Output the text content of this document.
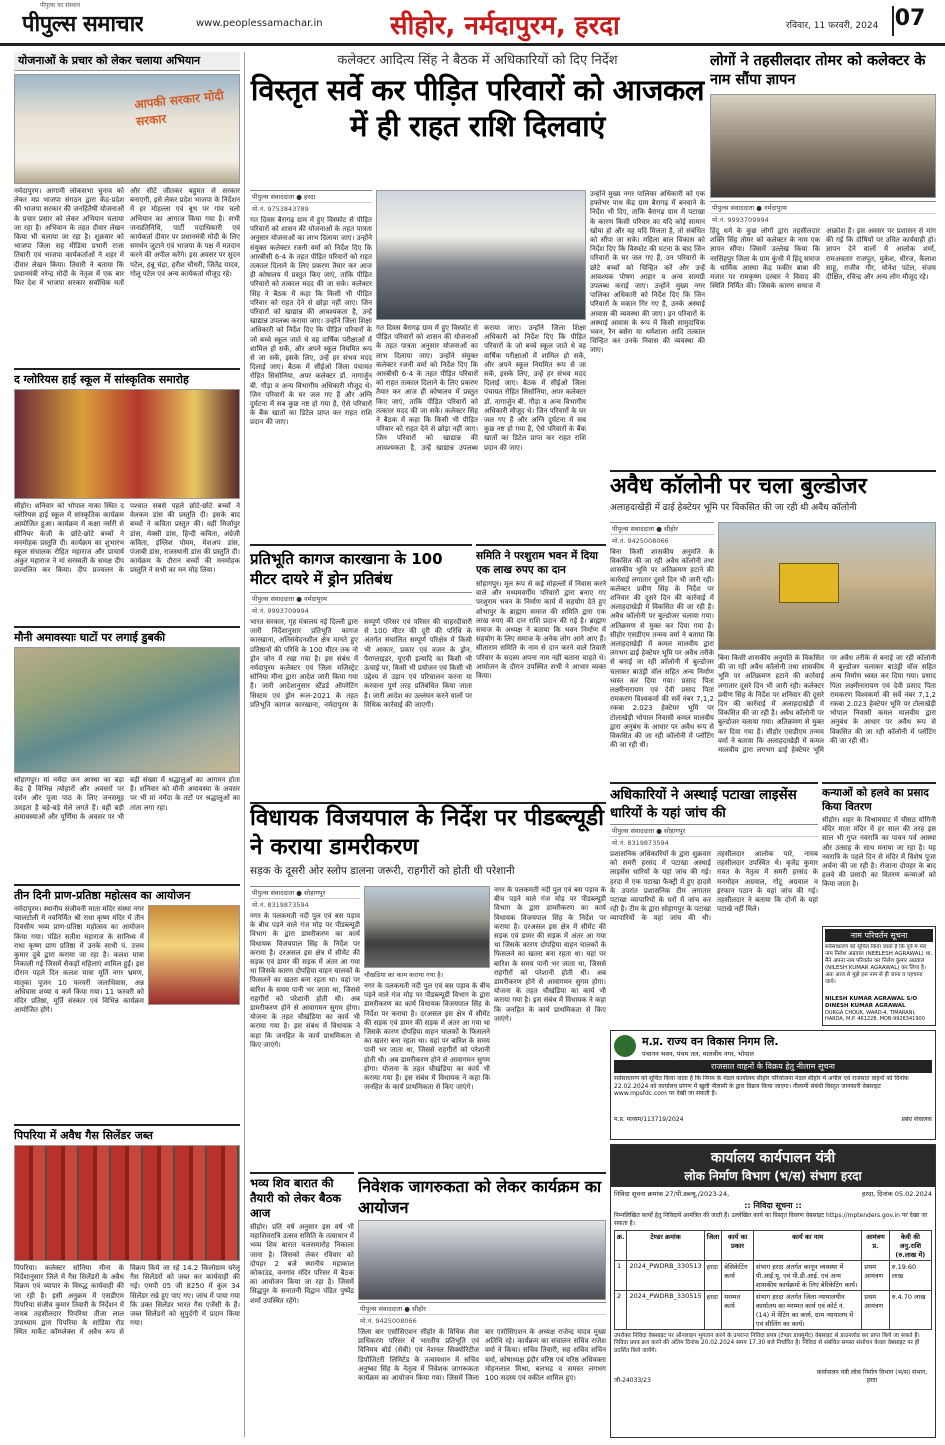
पीपुल्स का संस्थान
पीपुल्स समाचार	www.peoplessamachar.in	सीहोर, नर्मदापुरम, हरदा	रविवार, 11 फरवरी, 2024 07
योजनाओं के प्रचार को लेकर चलाया अभियान
आपकी सरकार मोदी सरकार
नर्मदापुरम। आगामी लोकसभा चुनाव को लेकर मप्र भाजपा संगठन द्वारा केंद्र-प्रदेश की भाजपा सरकार की जनहितैषी योजनाओं के प्रचार प्रसार को लेकर अभियान चलाया जा रहा है। अभियान के तहत दीवार लेखन किया भी चलाया जा रहा है। शुक्रवार को भाजपा जिला सह मीडिया प्रभारी राजा तिवारी एवं भाजपा कार्यकर्ताओं ने शहर में दीवार लेखन किया। तिवारी ने बताया कि प्रधानमंत्री नरेन्द्र मोदी के नेतृत्व में एक बार फिर देश में भाजपा सरकार सर्वाधिक मतों और सीटें जीतकर बहुमत से सरकार बनाएगी, इसे लेकर प्रदेश भाजपा के निर्देशन में हर मोहल्ला एवं बूथ पर गांव चलो अभियान का आगाज किया गया है। सभी जनप्रतिनिधि, पार्टी पदाधिकारी एवं कार्यकर्ता दीवार पर प्रधानमंत्री मोदी के लिए समर्थन जुटाने एवं भाजपा के पक्ष में मतदान करने की अपील करेंगे। इस अवसर पर सुदन पटेल, हन्नू चंद्रा, हरीश चौधरी, जितेंद्र यादव, गोलू पटेल एवं अन्य कार्यकर्ता मौजूद रहे।
द ग्लोरियस हाई स्कूल में सांस्कृतिक समारोह
सीहोर। शनिवार को भोपाल नाका स्थित द ग्लोरियस हाई स्कूल में सांस्कृतिक कार्यक्रम आयोजित हुआ। कार्यक्रम में कक्षा नर्सरी से सीनियर केजी के छोटे-छोटे बच्चों ने मनमोहक प्रस्तुति दी। कार्यक्रम का शुभारंभ स्कूल संचालक रोहित महाराज और प्राचार्य अंकुर महाराज ने मां सरस्वती के समक्ष दीप प्रज्वलित कर किया। दीप प्रज्वलन के पश्चात सबसे पहले छोटे-छोटे बच्चों ने वेलकम डांस की प्रस्तुति दी। इसके बाद बच्चों ने कविता प्रस्तुत की। वहीं मिर्जापुर डांस, मेक्सी डांस, हिन्दी कविता, अंग्रेजी कविता, इंग्लिश पोयम, मेशअप डांस, पंजाबी डांस, राजस्थानी डांस की प्रस्तुति दी। कार्यक्रम के दौरान बच्चों की मनमोहक प्रस्तुति ने सभी का मन मोह लिया।
मौनी अमावस्याः घाटों पर लगाई डुबकी
सोहागपुर। मां नर्मदा जन आस्था का बड़ा केंद्र है विभिन्न त्योहारों और अवसरों पर दर्शन और पूजा पाठ के लिए जनसमूह उमड़ता है बड़े-बड़े मेले लगते हैं। वहीं बड़ी अमावस्याओं और पूर्णिमा के अवसर पर भी बड़ी संख्या में श्रद्धालुओं का आगमन होता है। शनिवार को मौनी अमावस्या के अवसर पर भी मां नर्मदा के तटों पर श्रद्धालुओं का तांता लगा रहा।
तीन दिनी प्राण-प्रतिष्ठा महोत्सव का आयोजन
नर्मदापुरम। स्थानीय संजीवनी माता मंदिर संस्था नगर ग्वालटोली में नवनिर्मित श्री राधा कृष्ण मंदिर में तीन दिवसीय भव्य प्राण-प्रतिष्ठा महोत्सव का आयोजन किया गया। पंडित सतीश महाराज के सानिध्य में राधा कृष्ण प्राण प्रतिष्ठा में उनके साथी पं. उत्तम कुमार दुबे द्वारा कराया जा रहा है। कलश यात्रा निकाली गई जिसमें सैकड़ों महिलाएं शामिल हुईं। इस दौरान पहले दिन कलश यात्रा मूर्ति नगर भ्रमण, मातृका पूजन 10 फरवरी जलाधिवास, अन्न अधिवास शय्या व कर्म किया गया। 11 फरवरी को मंदिर प्रतिष्ठा, मूर्ति संस्कार एवं विभिन्न कार्यक्रम आयोजित होंगे।
पिपरिया में अवैध गैस सिलेंडर जब्त
पिपरिया। कलेक्टर सोनिया मीना के निर्देशानुसार जिले में गैस सिलेंडरों के अवैध विक्रय एवं व्यापार के विरुद्ध कार्यवाही की जा रही है। इसी अनुक्रम में एसडीएम पिपरिया संजीव कुमार तिवारी के निर्देशन में नायब तहसीलदार पिपरिया तीजा लाल उपाध्याय द्वारा पिपरिया के सांडिया रोड स्थित मार्केट कॉम्प्लेक्स में अवैध रूप से विक्रय किये जा रहे 14.2 किलोग्राम घरेलू गैस सिलेंडरों को जब्त कर कार्यवाही की गई। एमपी 05 जी 8250 में कुल 34 सिलेंडर रखे हुए पाए गए। जांच में पाया गया कि उक्त सिलेंडर भारत गैस एजेंसी के हैं। जब्त सिलेंडरों को सुपुर्दगी में प्रदान किया गया।
कलेक्टर आदित्य सिंह ने बैठक में अधिकारियों को दिए निर्देश
विस्तृत सर्वे कर पीड़ित परिवारों को आजकल में ही राहत राशि दिलवाएं
पीपुल्स संवाददाता ● हरदा
मो.नं. 9753843789
गत दिवस बैरागढ़ ग्राम में हुए विस्फोट से पीड़ित परिवारों को शासन की योजनाओं के तहत पात्रता अनुसार योजनाओं का लाभ दिलाया जाए। उन्होंने संयुक्त कलेक्टर रजनी वर्मा को निर्देश दिए कि आरबीसी 6-4 के तहत पीड़ित परिवारों को राहत तत्काल दिलाने के लिए प्रकरण तैयार कर आज ही कोषालय में प्रस्तुत किए जाएं, ताकि पीड़ित परिवारों को तत्काल मदद की जा सके। कलेक्टर सिंह ने बैठक में कहा कि किसी भी पीड़ित परिवार को राहत देने से छोड़ा नहीं जाए। जिन परिवारों को खाद्यान्न की आवश्यकता है, उन्हें खाद्यान्न उपलब्ध कराया जाए। उन्होंने जिला शिक्षा अधिकारी को निर्देश दिए कि पीड़ित परिवारों के जो बच्चे स्कूल जाते थे वह वार्षिक परीक्षाओं में शामिल हो सकें, और अपने स्कूल नियमित रूप से जा सकें, इसके लिए, उन्हें हर संभव मदद दिलाई जाए। बैठक में सीईओ जिला पंचायत रोहित सिसोनिया, अपर कलेक्टर डॉ. नागार्जुन बी. गौड़ा व अन्य विभागीय अधिकारी मौजूद थे। जिन परिवारों के घर जल गए हैं और अग्नि दुर्घटना में सब कुछ नष्ट हो गया है, ऐसे परिवारों के बैंक खातों का डिटेल प्राप्त कर राहत राशि प्रदान की जाए।
गत दिवस बैरागढ़ ग्राम में हुए विस्फोट से पीड़ित परिवारों को शासन की योजनाओं के तहत पात्रता अनुसार योजनाओं का लाभ दिलाया जाए। उन्होंने संयुक्त कलेक्टर रजनी वर्मा को निर्देश दिए कि आरबीसी 6-4 के तहत पीड़ित परिवारों को राहत तत्काल दिलाने के लिए प्रकरण तैयार कर आज ही कोषालय में प्रस्तुत किए जाएं, ताकि पीड़ित परिवारों को तत्काल मदद की जा सके। कलेक्टर सिंह ने बैठक में कहा कि किसी भी पीड़ित परिवार को राहत देने से छोड़ा नहीं जाए। जिन परिवारों को खाद्यान्न की आवश्यकता है, उन्हें खाद्यान्न उपलब्ध कराया जाए। उन्होंने जिला शिक्षा अधिकारी को निर्देश दिए कि पीड़ित परिवारों के जो बच्चे स्कूल जाते थे वह वार्षिक परीक्षाओं में शामिल हो सकें, और अपने स्कूल नियमित रूप से जा सकें, इसके लिए, उन्हें हर संभव मदद दिलाई जाए। बैठक में सीईओ जिला पंचायत रोहित सिसोनिया, अपर कलेक्टर डॉ. नागार्जुन बी. गौड़ा व अन्य विभागीय अधिकारी मौजूद थे। जिन परिवारों के घर जल गए हैं और अग्नि दुर्घटना में सब कुछ नष्ट हो गया है, ऐसे परिवारों के बैंक खातों का डिटेल प्राप्त कर राहत राशि प्रदान की जाए।
उन्होंने मुख्य नगर पालिका अधिकारी को एक हफ्तेभर पाथ केंद्र ग्राम बैरागढ़ में बनवाने के निर्देश भी दिए, ताकि बैरागढ़ ग्राम में पटाखा के कारण किसी परिवार का यदि कोई सामान खोया हो और वह यदि मिलता है, तो संबंधित को सौंपा जा सके। महिला बाल विकास को निर्देश दिए कि विस्फोट की घटना के बाद जिन परिवारों के घर जल गए हैं, उन परिवारों के छोटे बच्चों को चिन्हित करें और उन्हें आवश्यक पोषण आहार व अन्य सामग्री उपलब्ध कराई जाए। उन्होंने मुख्य नगर पालिका अधिकारी को निर्देश दिए कि जिन परिवारों के मकान गिर गए हैं, उनके अस्थाई आवास की व्यवस्था की जाए। इन परिवारों के अस्थाई आवास के रूप में किसी सामुदायिक भवन, रैन बसेरा या धर्मशाला आदि तत्काल चिन्हित कर उनके निवास की व्यवस्था की जाए।
प्रतिभूति कागज कारखाना के 100 मीटर दायरे में ड्रोन प्रतिबंध
पीपुल्स संवाददाता ● नर्मदापुरम
मो.नं. 9993709994
भारत सरकार, गृह मंत्रालय नई दिल्ली द्वारा जारी निर्देशानुसार प्रतिभूति कागज कारखाना, अतिसंवेदनशील क्षेत्र मानते हुए प्रतिष्ठानों की परिधि के 100 मीटर तक नो ड्रोन जोन में रखा गया है। इस संबंध में नर्मदापुरम कलेक्टर एवं जिला मजिस्ट्रेट सोनिया मीना द्वारा आदेश जारी किया गया है। जारी आदेशानुसार स्टैंडर्ड ऑपरेटिंग सिस्टम एवं ड्रोन रूल-2021 के तहत प्रतिभूति कागज कारखाना, नर्मदापुरम के सम्पूर्ण परिसर एवं परिसर की चाहरदीवारी से 100 मीटर की दूरी की परिधि के अंतर्गत संचालित सम्पूर्ण परिक्षेत्र में किसी भी आकार, प्रकार एवं वजन के ड्रोन, पैराग्लाइडर, यूएवी इत्यादि का किसी भी ऊंचाई पर, किसी भी प्रयोजन एवं किसी भी उद्देश्य से उड़ान एवं परिचालन करना या करवाना पूर्ण तरह प्रतिबंधित किया जाता है। जारी आदेश का उल्लंघन करने वालों पर विधिक कार्रवाई की जाएगी।
समिति ने परशुराम भवन में दिया एक लाख रुपए का दान
सोहागपुर। मूल रूप से कई मोहल्लों में निवास करने वाले और मध्यमवर्गीय परिवारों द्वारा बनाए गए परशुराम भवन के निर्माण कार्य में सहयोग देते हुए शोभापुर के ब्राह्मण समाज की समिति द्वारा एक लाख रुपए की दान राशि प्रदान की गई है। ब्राह्मण समाज के अध्यक्ष ने बताया कि भवन निर्माण में सहयोग के लिए समाज के अनेक लोग आगे आए हैं। सीताराम समिति के नाम से दान करने वाले तिवारी परिवार के सदस्य अपना नाम नहीं बताना चाहते थे। आयोजन के दौरान उपस्थित सभी ने आभार व्यक्त किया।
अवैध कॉलोनी पर चला बुल्डोजर
अलाहदाखेड़ी में ढाई हेक्टेयर भूमि पर विकसित की जा रही थी अवैध कॉलोनी
पीपुल्स संवाददाता ● सीहोर
मो.नं. 9425008066
बिना किसी शासकीय अनुमति के विकसित की जा रही अवैध कॉलोनी तथा शासकीय भूमि पर अतिक्रमण हटाने की कार्रवाई लगातार दूसरे दिन भी जारी रही। कलेक्टर प्रवीण सिंह के निर्देश पर शनिवार की दूसरे दिन की कार्रवाई में अलाहदाखेड़ी में विकसित की जा रही है। अवैध कॉलोनी पर बुल्डोजर चलाया गया। अतिक्रमण से मुक्त कर दिया गया है। सीहोर एसडीएम तन्मय वर्मा ने बताया कि अलाहदाखेड़ी में कमल मालवीय द्वारा लगभग ढाई हेक्टेयर भूमि पर अवैध तरीके से बनाई जा रही कॉलोनी में बुल्डोजर चलाकर बाउंड्री वॉल सहित अन्य निर्माण ध्वस्त कर दिया गया। प्रसाद पिता लक्ष्मीनारायण एवं देवी प्रसाद पिता रामकरण विश्वकर्मा की सर्वे नंबर 7,1,2 रकबा 2.023 हेक्टेयर भूमि पर टोलाखेड़ी भोपाल निवासी कमल मालवीय द्वारा अनुबंध के आधार पर अवैध रूप से विकसित की जा रही कॉलोनी में प्लॉटिंग की जा रही थी।
बिना किसी शासकीय अनुमति के विकसित की जा रही अवैध कॉलोनी तथा शासकीय भूमि पर अतिक्रमण हटाने की कार्रवाई लगातार दूसरे दिन भी जारी रही। कलेक्टर प्रवीण सिंह के निर्देश पर शनिवार की दूसरे दिन की कार्रवाई में अलाहदाखेड़ी में विकसित की जा रही है। अवैध कॉलोनी पर बुल्डोजर चलाया गया। अतिक्रमण से मुक्त कर दिया गया है। सीहोर एसडीएम तन्मय वर्मा ने बताया कि अलाहदाखेड़ी में कमल मालवीय द्वारा लगभग ढाई हेक्टेयर भूमि पर अवैध तरीके से बनाई जा रही कॉलोनी में बुल्डोजर चलाकर बाउंड्री वॉल सहित अन्य निर्माण ध्वस्त कर दिया गया। प्रसाद पिता लक्ष्मीनारायण एवं देवी प्रसाद पिता रामकरण विश्वकर्मा की सर्वे नंबर 7,1,2 रकबा 2.023 हेक्टेयर भूमि पर टोलाखेड़ी भोपाल निवासी कमल मालवीय द्वारा अनुबंध के आधार पर अवैध रूप से विकसित की जा रही कॉलोनी में प्लॉटिंग की जा रही थी।
लोगों ने तहसीलदार तोमर को कलेक्टर के नाम सौंपा ज्ञापन
पीपुल्स संवाददाता ● नर्मदापुरम
मो.नं. 9993709994
हिंदू धर्म के कुछ लोगों द्वारा तहसीलदार शक्ति सिंह तोमर को कलेक्टर के नाम एक ज्ञापन सौंपा। जिसमें उल्लेख किया कि नरसिंहपुर जिला के ग्राम कुंभी में हिंदू समाज के धार्मिक आस्था केंद्र फकीर बाबा की मजार पर रामकृष्ण दरबार ने विवाद की स्थिति निर्मित की। जिसके कारण समाज में आक्रोश है। इस अवसर पर प्रशासन से मांग की गई कि दोषियों पर उचित कार्यवाही हो। ज्ञापन देने वालों में आलोक शर्मा, रामअवतार राजपूत, मुकेश, धीरज, कैलाश साहू, राजीव गौर, मोनेश पटेल, संजय दीक्षित, रविन्द्र और अन्य लोग मौजूद रहे।
विधायक विजयपाल के निर्देश पर पीडब्ल्यूडी ने कराया डामरीकरण
सड़क के दूसरी ओर स्लोप डालना जरूरी, राहगीरों को होती थी परेशानी
पीपुल्स संवाददाता ● सोहागपुर
मो.नं. 8319873594
नगर के पलकमती नदी पुल एवं बस पड़ाव के बीच पड़ने वाले गंज मोड़ पर पीडब्ल्यूडी विभाग के द्वारा डामरीकरण का कार्य विधायक विजयपाल सिंह के निर्देश पर कराया है। दरअसल इस क्षेत्र में सीमेंट की सड़क एवं डामर की सड़क में अंतर आ गया था जिसके कारण दोपहिया वाहन चालकों के फिसलने का खतरा बना रहता था। यहां पर बारिश के समय पानी भर जाता था, जिससे राहगीरों को परेशानी होती थी। अब डामरीकरण होने से आवागमन सुगम होगा। योजना के तहत चौखंडिया का कार्य भी कराया गया है। इस संबंध में विधायक ने कहा कि जनहित के कार्य प्राथमिकता से किए जाएंगे।
चौखंडिया का काम कराया गया है।
नगर के पलकमती नदी पुल एवं बस पड़ाव के बीच पड़ने वाले गंज मोड़ पर पीडब्ल्यूडी विभाग के द्वारा डामरीकरण का कार्य विधायक विजयपाल सिंह के निर्देश पर कराया है। दरअसल इस क्षेत्र में सीमेंट की सड़क एवं डामर की सड़क में अंतर आ गया था जिसके कारण दोपहिया वाहन चालकों के फिसलने का खतरा बना रहता था। यहां पर बारिश के समय पानी भर जाता था, जिससे राहगीरों को परेशानी होती थी। अब डामरीकरण होने से आवागमन सुगम होगा। योजना के तहत चौखंडिया का कार्य भी कराया गया है। इस संबंध में विधायक ने कहा कि जनहित के कार्य प्राथमिकता से किए जाएंगे।
नगर के पलकमती नदी पुल एवं बस पड़ाव के बीच पड़ने वाले गंज मोड़ पर पीडब्ल्यूडी विभाग के द्वारा डामरीकरण का कार्य विधायक विजयपाल सिंह के निर्देश पर कराया है। दरअसल इस क्षेत्र में सीमेंट की सड़क एवं डामर की सड़क में अंतर आ गया था जिसके कारण दोपहिया वाहन चालकों के फिसलने का खतरा बना रहता था। यहां पर बारिश के समय पानी भर जाता था, जिससे राहगीरों को परेशानी होती थी। अब डामरीकरण होने से आवागमन सुगम होगा। योजना के तहत चौखंडिया का कार्य भी कराया गया है। इस संबंध में विधायक ने कहा कि जनहित के कार्य प्राथमिकता से किए जाएंगे।
अधिकारियों ने अस्थाई पटाखा लाइसेंस धारियों के यहां जांच की
पीपुल्स संवाददाता ● सोहागपुर
मो.नं. 8319873594
प्रशासनिक अधिकारियों के द्वारा शुक्रवार को समरी हरसंद में पटाखा अस्थाई लाइसेंस धारियों के यहां जांच की गई। हरदा में एक पटाखा फैक्ट्री में हुए हादसे के उपरांत प्रशासनिक टीम लगातार पटाखा व्यापारियों के घरों में जांच कर रही है। टीम के द्वारा सोहागपुर के पटाखा व्यापारियों के यहां जांच की थी। तहसीलदार आलोक पारे, नायब तहसीलदार उपस्थित थे। बृजेंद्र कुमार रावत के नेतृत्व में समरी हरसंद के मनमोहन अग्रवाल, गोटू अग्रवाल व इरफान पठान के यहां जांच की गई। तहसीलदार ने बताया कि दोनों के यहां पटाखे नहीं मिले।
कन्याओं को हलवे का प्रसाद किया वितरण
सीहोर। शहर के विश्रामघाट में चौसठ योगिनी मंदिर माता मंदिर में हर साल की तरह इस साल भी गुप्त नवरात्रि का पावन पर्व आस्था और उत्साह के साथ मनाया जा रहा है। यह नवरात्रि के पहले दिन से मंदिर में विशेष पूजा अर्चना की जा रही है। रोजाना दोपहर के बाद हलवे की प्रसादी का वितरण कन्याओं को किया जाता है।
नाम परिवर्तन सूचना
सर्वसाधारण को सूचित किया जाता है कि पूर्व में मेरा नाम निलेश अग्रवाल (NEELESH AGRAWAL) था, मैंने अपना नाम परिवर्तन कर निलेश कुमार अग्रवाल (NILESH KUMAR AGRAWAL) कर लिया है। अतः आज से मुझे इस नाम से ही जाना व पहचाना जाये।
NILESH KUMAR AGRAWAL S/O DINESH KUMAR AGRAWAL
DURGA CHOUK, WARD-4, TIMARANI, HARDA, M.P. 461228, MOB-9926341900
म.प्र. राज्य वन विकास निगम लि.
पंचानन भवन, पंचम तल, मालवीय नगर, भोपाल
राजसात वाहनों के विक्रय हेतु नीलाम सूचना
सर्वसाधारण को सूचित किया जाता है कि निगम के मंडल कार्यालय सीहोर परियोजना मंडल सीहोर में अपील एवं राजसात वाहनों को दिनांक 22.02.2024 को कार्यालय प्रांगण में खुली नीलामी के द्वारा विक्रय किया जाएगा। नीलामी संबंधी विस्तृत जानकारी वेबसाइट www.mpsfdc.com पर देखी जा सकती है।
म.प्र. माध्यम/113719/2024	प्रबंध संचालक
भव्य शिव बारात की तैयारी को लेकर बैठक आज
सीहोर। प्रति वर्ष अनुसार इस वर्ष भी महाशिवरात्रि उत्सव समिति के तत्वाधान में भव्य शिव बारात चलसमारोह निकाला जाना है। जिसको लेकर रविवार को दोपहर 2 बजे स्थानीय महाकाल कोकाउंड, वनगांव मंदिर परिसर में बैठक का आयोजन किया जा रहा है। जिसमें सिद्धपुर के सनातनी विद्वान पंडित पुष्पेंद्र शर्मा उपस्थित रहेंगे।
निवेशक जागरुकता को लेकर कार्यक्रम का आयोजन
पीपुल्स संवाददाता ● सीहोर
मो.नं. 9425008066
जिला बार एसोसिएशन सीहोर के विधिक सेवा प्राधिकरण परिसर में भारतीय प्रतिभूति एवं विनिमय बोर्ड (सेबी) एवं नेशनल सिक्योरिटीज डिपॉजिटरी लिमिटेड के तत्वावधान में सचिव अनुष्का सिंह के नेतृत्व में निवेशक जागरूकता कार्यक्रम का आयोजन किया गया। जिसमें जिला बार एसोसिएशन के अध्यक्ष राजेन्द्र यादव मुख्य अतिथि रहे। कार्यक्रम का संचालन सचिव राजेश वर्मा ने किया। सचिव तिवारी, सह सचिव सचिन वर्मा, कोषाध्यक्ष इंदौर वरिष्ठ एवं वरिष्ठ अधिवक्ता मोहनलाल मिश्रा, बलभद्र व समस्त लगभग 100 सदस्य एवं वकील शामिल हुए।
कार्यालय कार्यपालन यंत्री
लोक निर्माण विभाग (भ/स) संभाग हरदा
निविदा सूचना क्रमांक 27/पी.डब्ल्यू./2023-24,	हरदा, दिनांक 05.02.2024
:: निविदा सूचना ::
निम्नलिखित कार्यों हेतु निविदायें आमंत्रित की जाती हैं। उल्लेखित कार्य का विस्तृत विवरण वेबसाइट https://mptenders.gov.in पर देखा जा सकता है।
क्र.	टेण्डर क्रमांक	जिला	कार्य का प्रकार	कार्य का नाम	आमंत्रण प्र.	केवी की अनु.राशि (रु.लाख में)
1	2024_PWDRB_330513	हरदा	बेसिकेटिंग कार्य	संभाग हरदा अंतर्गत कानून व्यवस्था में पी.आई.यू. एवं पी.डी.आई. एवं अन्य शासकीय कार्यक्रमों के लिए बेरिकेटिंग कार्य।	प्रथम आमंत्रण	रु.19.60 लाख
2	2024_PWDRB_330515	हरदा	मरम्मत कार्य	संभाग हरदा अंतर्गत जिला न्यायालयीन कार्यालय का मरम्मत कार्य एवं कोर्ट नं. (14) में पेंटिंग का कार्य, ग्राम न्यायालय में एवं सीलिंग का कार्य।	प्रथम आमंत्रण	रु.4.70 लाख
उपरोक्त निविदा वेबसाइट पर ऑनलाइन भुगतान करने के उपरान्त निविदा प्रपत्र (टेण्डर डाक्यूमेंट) वेबसाइट से डाउनलोड कर प्राप्त किये जा सकते हैं। निविदा प्रपत्र क्रय करने की अंतिम दिनांक 20.02.2024 समय 17.30 बजे निर्धारित है। निविदा से संबंधित समस्त संशोधन केवल वेबसाइट पर ही प्रदर्शित किये जायेंगे।
जी-24033/23
कार्यपालन यंत्री लोक निर्माण विभाग (भ/स) संभाग, हरदा
